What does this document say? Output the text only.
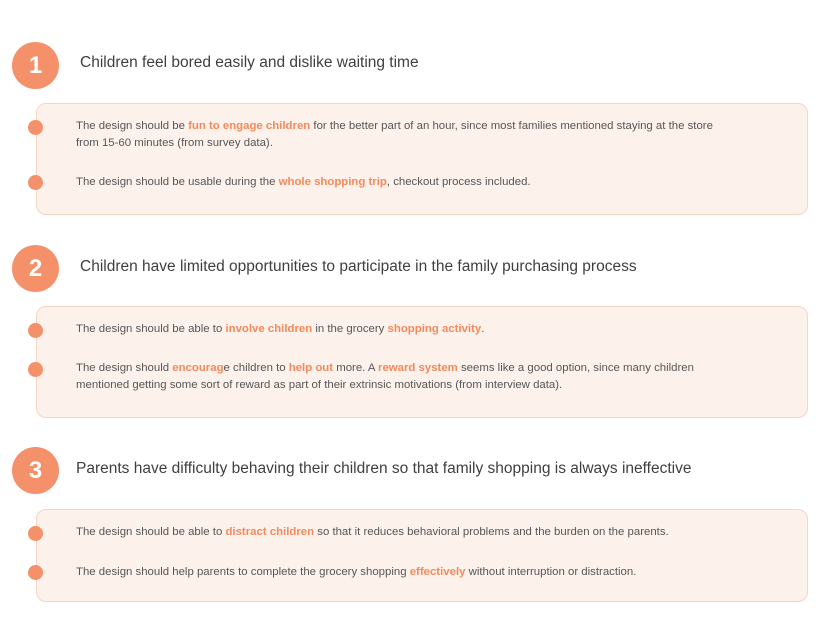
1	Children feel bored easily and dislike waiting time
The design should be fun to engage children for the better part of an hour, since most families mentioned staying at the store from 15-60 minutes (from survey data).
The design should be usable during the whole shopping trip, checkout process included.
2	Children have limited opportunities to participate in the family purchasing process
The design should be able to involve children in the grocery shopping activity.
The design should encourage children to help out more. A reward system seems like a good option, since many children mentioned getting some sort of reward as part of their extrinsic motivations (from interview data).
3	Parents have difficulty behaving their children so that family shopping is always ineffective
The design should be able to distract children so that it reduces behavioral problems and the burden on the parents.
The design should help parents to complete the grocery shopping effectively without interruption or distraction.
